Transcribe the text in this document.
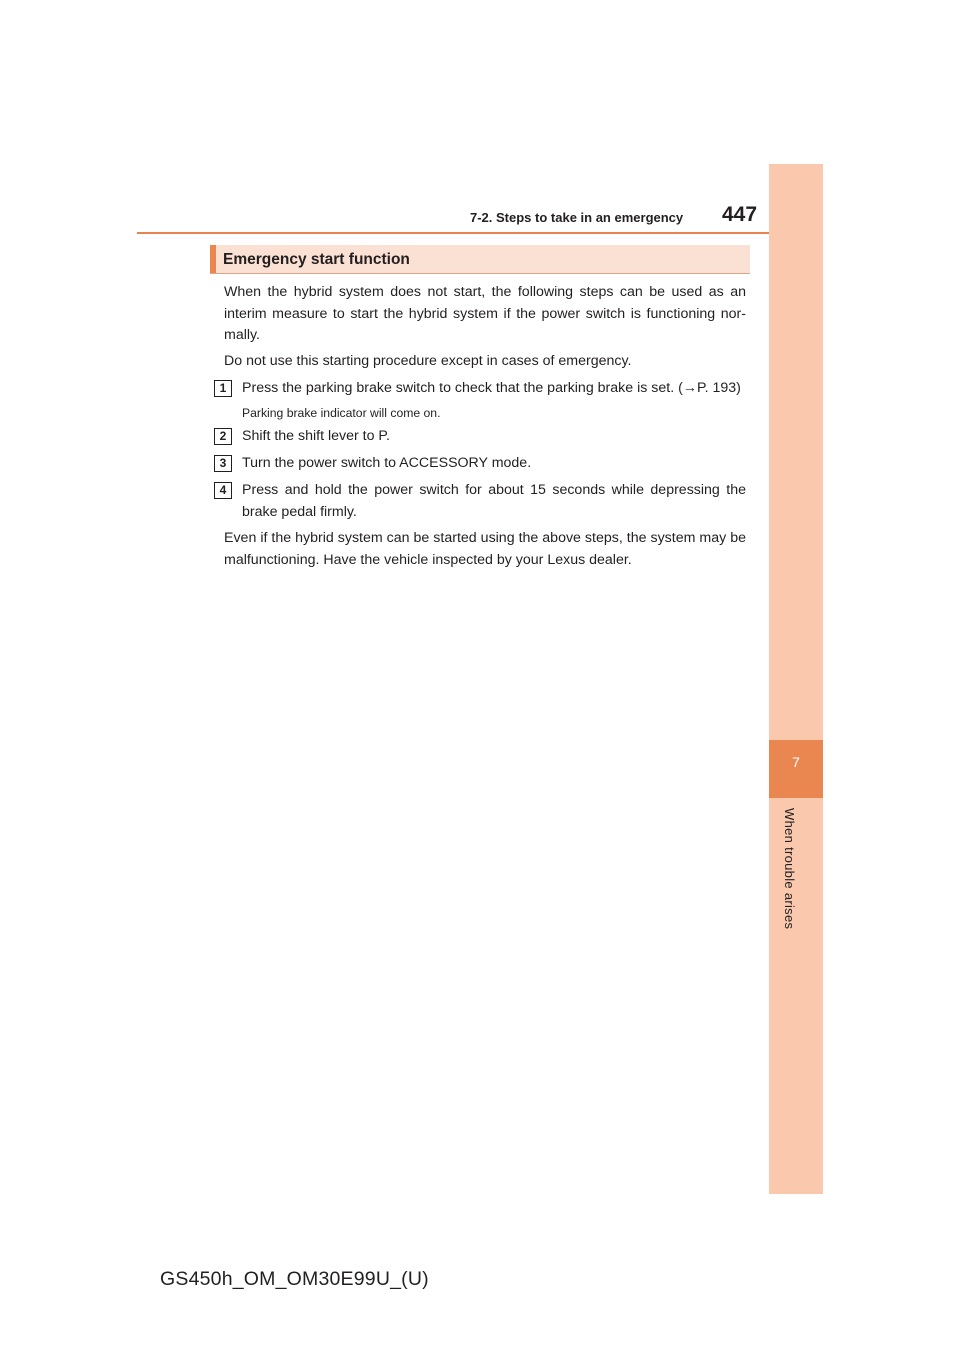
7-2. Steps to take in an emergency 447
7
When trouble arises
Emergency start function

When the hybrid system does not start, the following steps can be used as an interim measure to start the hybrid system if the power switch is functioning nor-mally.

Do not use this starting procedure except in cases of emergency.

1	Press the parking brake switch to check that the parking brake is set. (→P. 193)

Parking brake indicator will come on.
2	Shift the shift lever to P.

3	Turn the power switch to ACCESSORY mode.

4	Press and hold the power switch for about 15 seconds while depressing the brake pedal firmly.

Even if the hybrid system can be started using the above steps, the system may be malfunctioning. Have the vehicle inspected by your Lexus dealer.

GS450h_OM_OM30E99U_(U)
